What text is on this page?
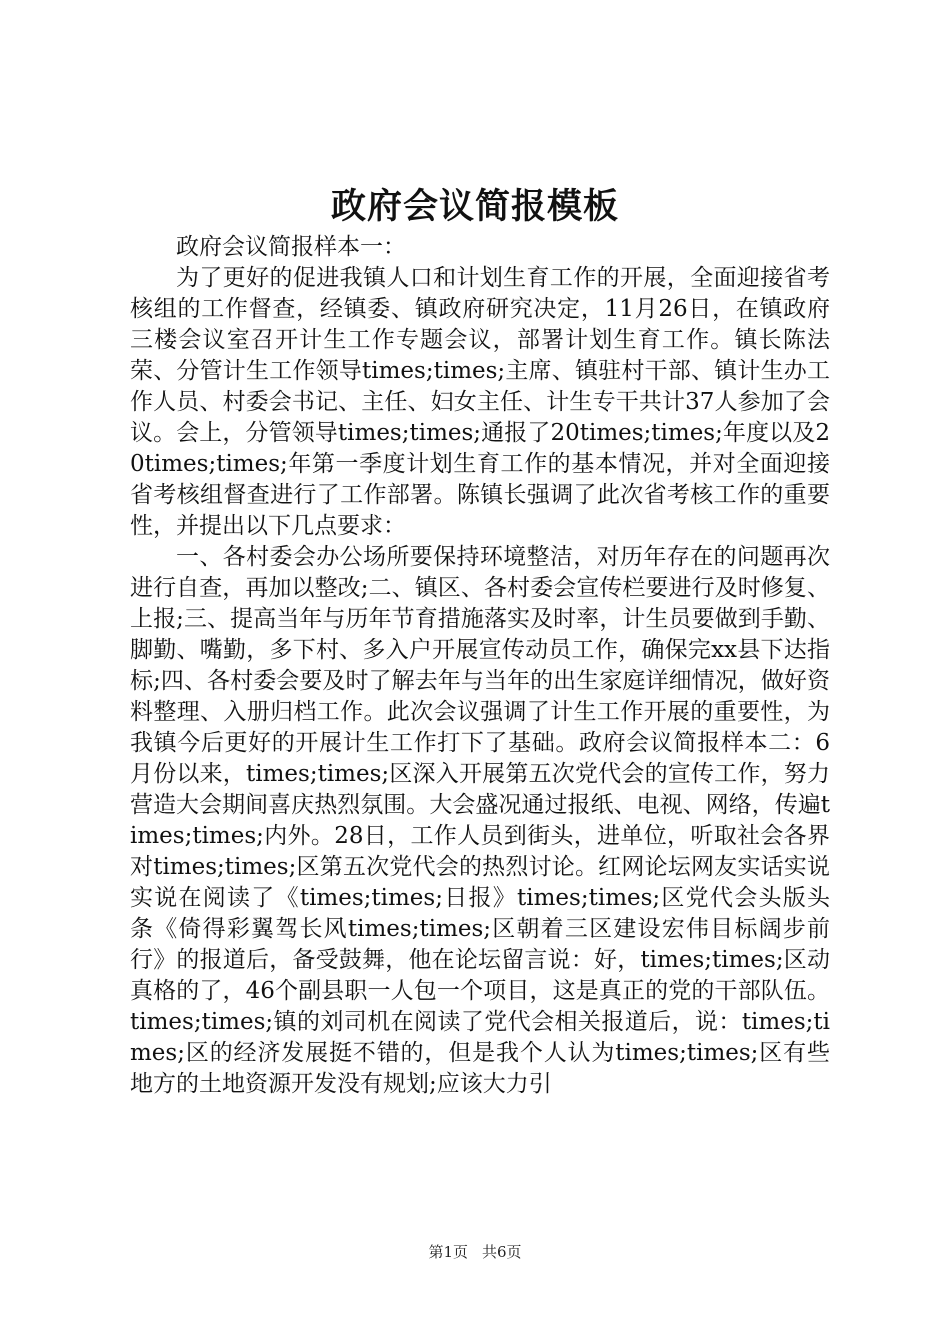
政府会议简报模板

政府会议简报样本一：

为了更好的促进我镇人口和计划生育工作的开展，全面迎接省考核组的工作督查，经镇委、镇政府研究决定，11月26日，在镇政府三楼会议室召开计生工作专题会议，部署计划生育工作。镇长陈法荣、分管计生工作领导times;times;主席、镇驻村干部、镇计生办工作人员、村委会书记、主任、妇女主任、计生专干共计37人参加了会议。会上，分管领导times;times;通报了20times;times;年度以及20times;times;年第一季度计划生育工作的基本情况，并对全面迎接省考核组督查进行了工作部署。陈镇长强调了此次省考核工作的重要性，并提出以下几点要求：

一、各村委会办公场所要保持环境整洁，对历年存在的问题再次进行自查，再加以整改;二、镇区、各村委会宣传栏要进行及时修复、上报;三、提高当年与历年节育措施落实及时率，计生员要做到手勤、脚勤、嘴勤，多下村、多入户开展宣传动员工作，确保完xx县下达指标;四、各村委会要及时了解去年与当年的出生家庭详细情况，做好资料整理、入册归档工作。此次会议强调了计生工作开展的重要性，为我镇今后更好的开展计生工作打下了基础。政府会议简报样本二：6月份以来，times;times;区深入开展第五次党代会的宣传工作，努力营造大会期间喜庆热烈氛围。大会盛况通过报纸、电视、网络，传遍times;times;内外。28日，工作人员到街头，进单位，听取社会各界对times;times;区第五次党代会的热烈讨论。红网论坛网友实话实说实说在阅读了《times;times;日报》times;times;区党代会头版头条《倚得彩翼驾长风times;times;区朝着三区建设宏伟目标阔步前行》的报道后，备受鼓舞，他在论坛留言说：好，times;times;区动真格的了，46个副县职一人包一个项目，这是真正的党的干部队伍。times;times;镇的刘司机在阅读了党代会相关报道后，说：times;times;区的经济发展挺不错的，但是我个人认为times;times;区有些地方的土地资源开发没有规划;应该大力引

第1页 共6页
